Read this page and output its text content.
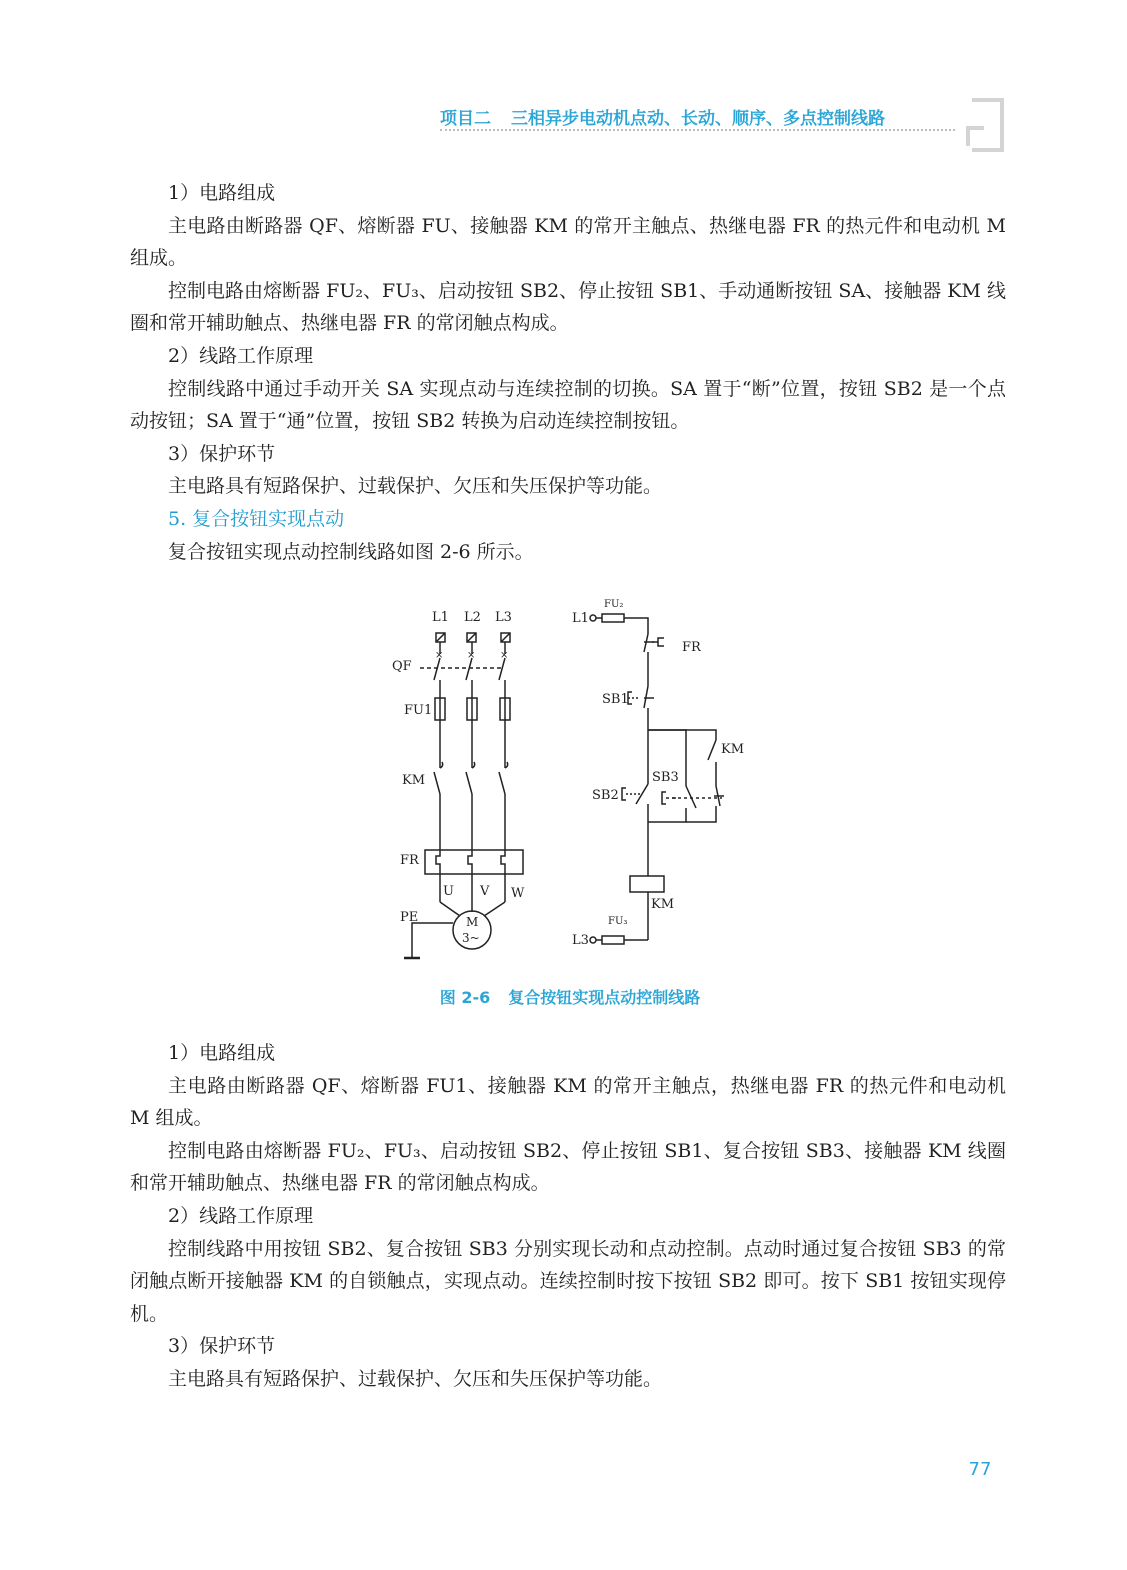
项目二 三相异步电动机点动、长动、顺序、多点控制线路

1）电路组成

主电路由断路器 QF、熔断器 FU、接触器 KM 的常开主触点、热继电器 FR 的热元件和电动机 M 组成。

控制电路由熔断器 FU₂、FU₃、启动按钮 SB2、停止按钮 SB1、手动通断按钮 SA、接触器 KM 线圈和常开辅助触点、热继电器 FR 的常闭触点构成。

2）线路工作原理

控制线路中通过手动开关 SA 实现点动与连续控制的切换。SA 置于“断”位置，按钮 SB2 是一个点动按钮；SA 置于“通”位置，按钮 SB2 转换为启动连续控制按钮。

3）保护环节

主电路具有短路保护、过载保护、欠压和失压保护等功能。

5. 复合按钮实现点动

复合按钮实现点动控制线路如图 2-6 所示。

L1 L2 L3
× × ×
QF
FU1
KM
FR
U V W
M
3~
PE
FU₂
L1
FR
SB1
KM
SB3
SB2
KM
FU₃
L3
图 2-6 复合按钮实现点动控制线路

1）电路组成

主电路由断路器 QF、熔断器 FU1、接触器 KM 的常开主触点，热继电器 FR 的热元件和电动机 M 组成。

控制电路由熔断器 FU₂、FU₃、启动按钮 SB2、停止按钮 SB1、复合按钮 SB3、接触器 KM 线圈和常开辅助触点、热继电器 FR 的常闭触点构成。

2）线路工作原理

控制线路中用按钮 SB2、复合按钮 SB3 分别实现长动和点动控制。点动时通过复合按钮 SB3 的常闭触点断开接触器 KM 的自锁触点，实现点动。连续控制时按下按钮 SB2 即可。按下 SB1 按钮实现停机。

3）保护环节

主电路具有短路保护、过载保护、欠压和失压保护等功能。

77
